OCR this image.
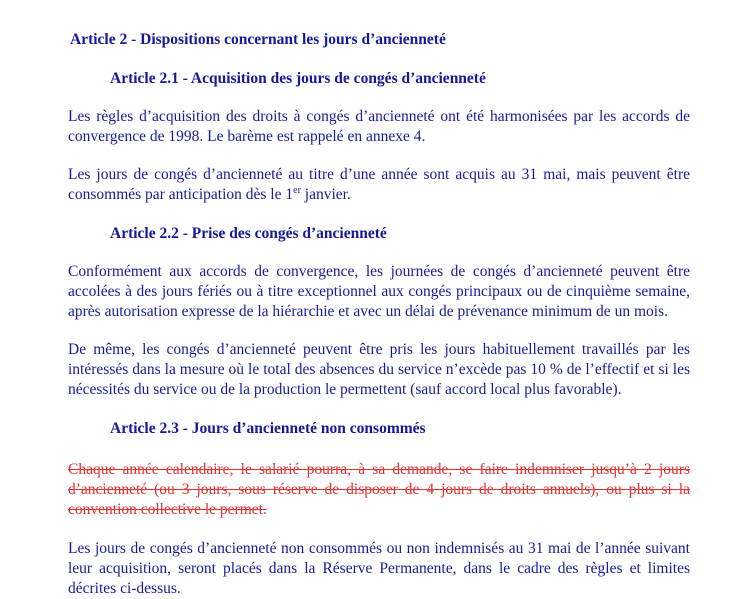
Article 2 - Dispositions concernant les jours d’ancienneté
Article 2.1 - Acquisition des jours de congés d’ancienneté

Les règles d’acquisition des droits à congés d’ancienneté ont été harmonisées par les accords de convergence de 1998. Le barème est rappelé en annexe 4.

Les jours de congés d’ancienneté au titre d’une année sont acquis au 31 mai, mais peuvent être consommés par anticipation dès le 1er janvier.

Article 2.2 - Prise des congés d’ancienneté

Conformément aux accords de convergence, les journées de congés d’ancienneté peuvent être accolées à des jours fériés ou à titre exceptionnel aux congés principaux ou de cinquième semaine, après autorisation expresse de la hiérarchie et avec un délai de prévenance minimum de un mois.

De même, les congés d’ancienneté peuvent être pris les jours habituellement travaillés par les intéressés dans la mesure où le total des absences du service n’excède pas 10 % de l’effectif et si les nécessités du service ou de la production le permettent (sauf accord local plus favorable).

Article 2.3 - Jours d’ancienneté non consommés

Chaque année calendaire, le salarié pourra, à sa demande, se faire indemniser jusqu’à 2 jours d’ancienneté (ou 3 jours, sous réserve de disposer de 4 jours de droits annuels), ou plus si la convention collective le permet.

Les jours de congés d’ancienneté non consommés ou non indemnisés au 31 mai de l’année suivant leur acquisition, seront placés dans la Réserve Permanente, dans le cadre des règles et limites décrites ci-dessus.
